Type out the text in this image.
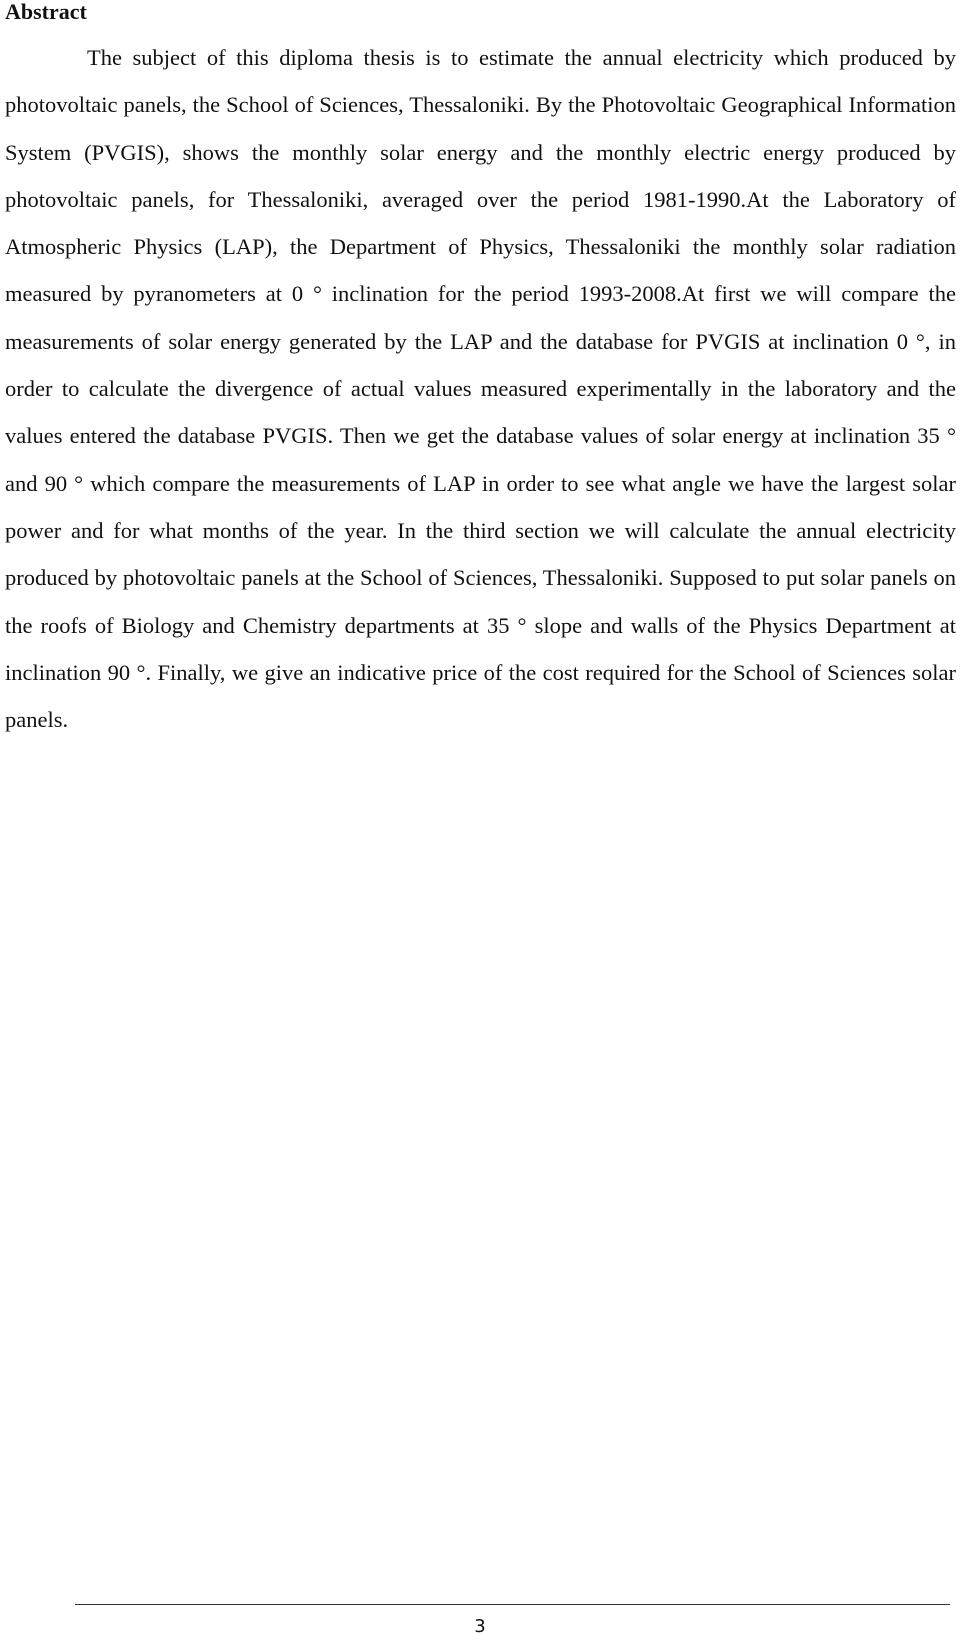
Abstract

The subject of this diploma thesis is to estimate the annual electricity which produced by photovoltaic panels, the School of Sciences, Thessaloniki. By the Photovoltaic Geographical Information System (PVGIS), shows the monthly solar energy and the monthly electric energy produced by photovoltaic panels, for Thessaloniki, averaged over the period 1981-1990.At the Laboratory of Atmospheric Physics (LAP), the Department of Physics, Thessaloniki the monthly solar radiation measured by pyranometers at 0 ° inclination for the period 1993-2008.At first we will compare the measurements of solar energy generated by the LAP and the database for PVGIS at inclination 0 °, in order to calculate the divergence of actual values measured experimentally in the laboratory and the values entered the database PVGIS. Then we get the database values of solar energy at inclination 35 ° and 90 ° which compare the measurements of LAP in order to see what angle we have the largest solar power and for what months of the year. In the third section we will calculate the annual electricity produced by photovoltaic panels at the School of Sciences, Thessaloniki. Supposed to put solar panels on the roofs of Biology and Chemistry departments at 35 ° slope and walls of the Physics Department at inclination 90 °. Finally, we give an indicative price of the cost required for the School of Sciences solar panels.

3
